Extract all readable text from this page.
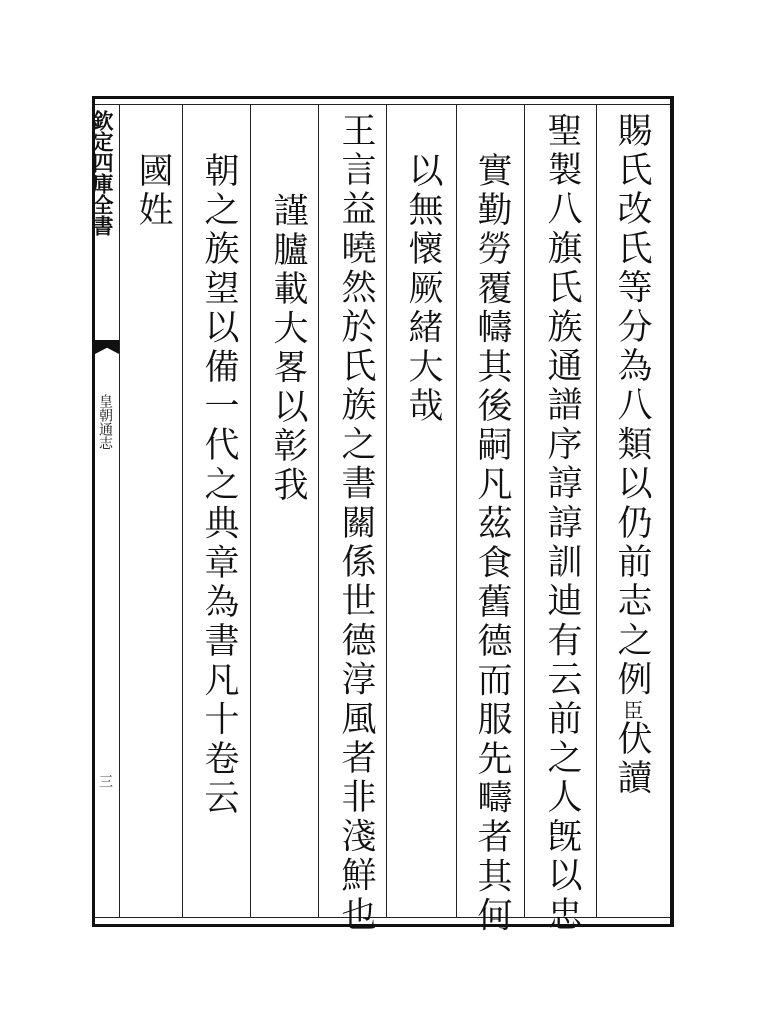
欽定四庫全書
皇朝通志
三
賜氏改氏等分為八類以仍前志之例臣伏讀
聖製八旗氏族通譜序諄諄訓迪有云前之人旣以忠
實勤勞覆幬其後嗣凡茲食舊德而服先疇者其何
以無懷厥緒大哉
王言益曉然於氏族之書關係世德淳風者非淺鮮也
謹臚載大畧以彰我
朝之族望以備一代之典章為書凡十卷云
國姓
